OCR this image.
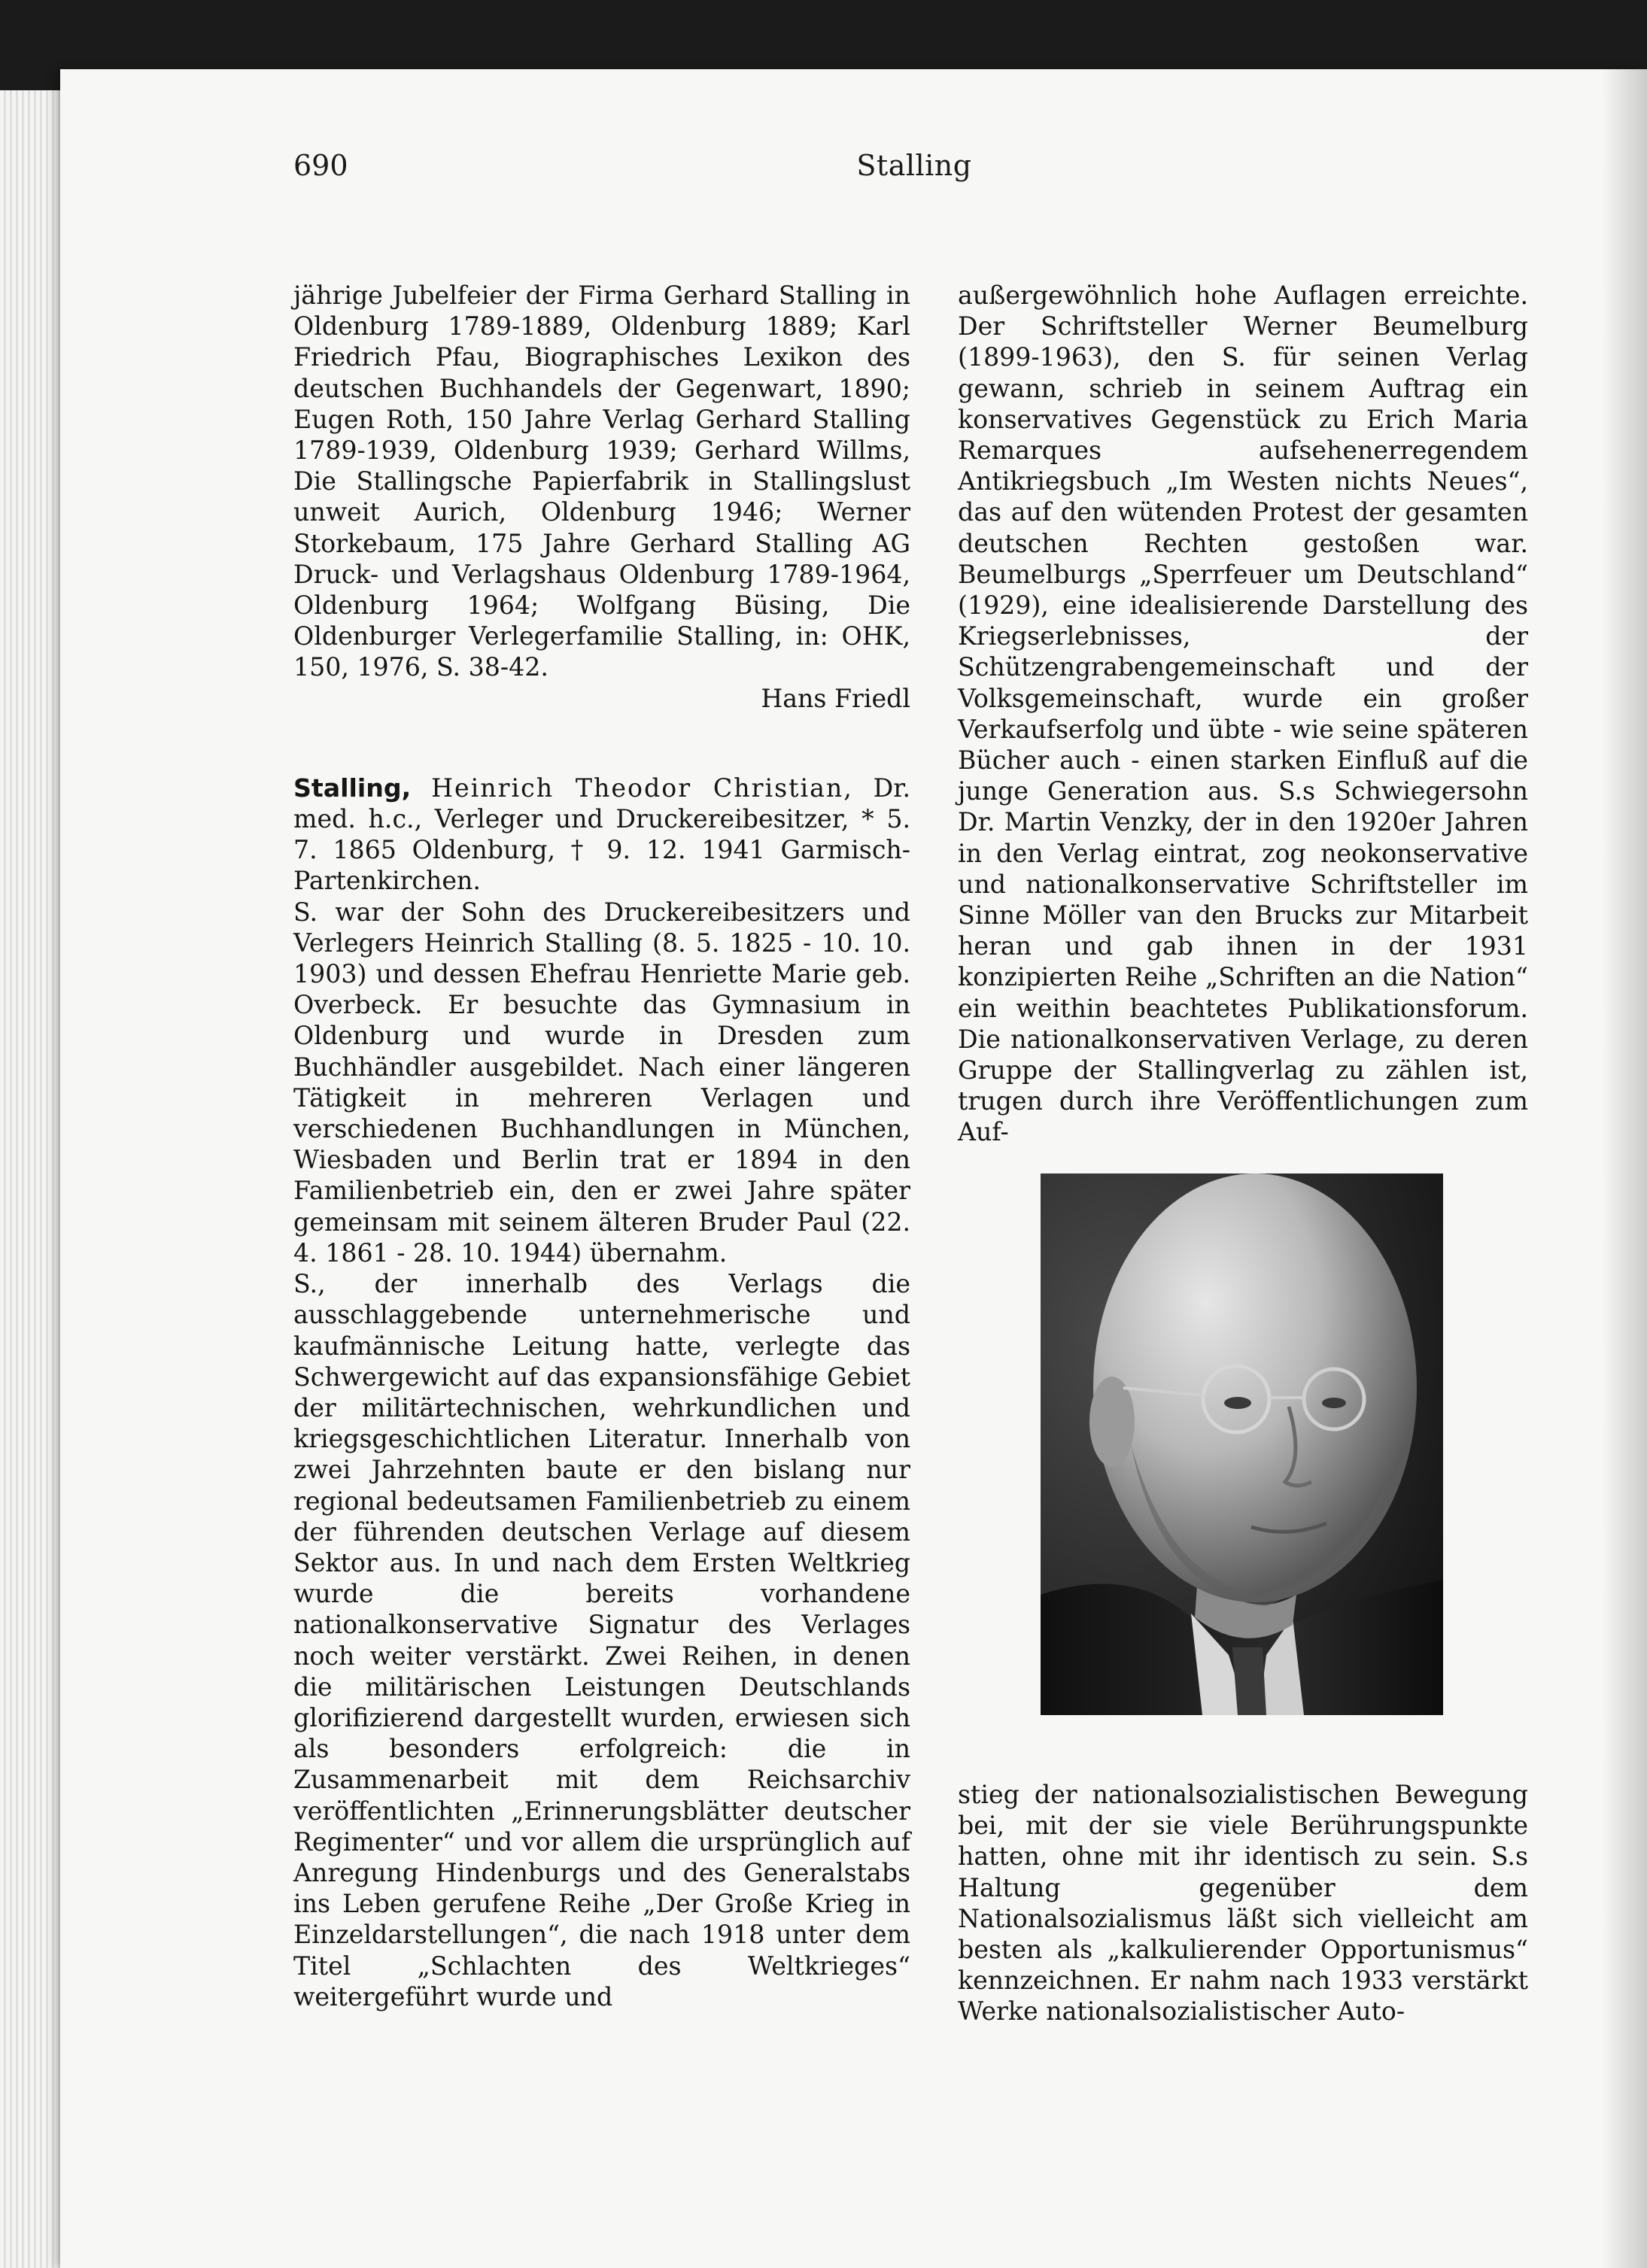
690	Stalling

jährige Jubelfeier der Firma Gerhard Stalling in Oldenburg 1789-1889, Oldenburg 1889; Karl Friedrich Pfau, Biographisches Lexikon des deutschen Buchhandels der Gegenwart, 1890; Eugen Roth, 150 Jahre Verlag Gerhard Stalling 1789-1939, Oldenburg 1939; Gerhard Willms, Die Stallingsche Papierfabrik in Stallingslust unweit Aurich, Oldenburg 1946; Werner Storkebaum, 175 Jahre Gerhard Stalling AG Druck- und Verlagshaus Oldenburg 1789-1964, Oldenburg 1964; Wolfgang Büsing, Die Oldenburger Verlegerfamilie Stalling, in: OHK, 150, 1976, S. 38-42.

Hans Friedl

Stalling, Heinrich Theodor Christian, Dr. med. h.c., Verleger und Druckereibesitzer, * 5. 7. 1865 Oldenburg, † 9. 12. 1941 Garmisch-Partenkirchen.

S. war der Sohn des Druckereibesitzers und Verlegers Heinrich Stalling (8. 5. 1825 - 10. 10. 1903) und dessen Ehefrau Henriette Marie geb. Overbeck. Er besuchte das Gymnasium in Oldenburg und wurde in Dresden zum Buchhändler ausgebildet. Nach einer längeren Tätigkeit in mehreren Verlagen und verschiedenen Buchhandlungen in München, Wiesbaden und Berlin trat er 1894 in den Familienbetrieb ein, den er zwei Jahre später gemeinsam mit seinem älteren Bruder Paul (22. 4. 1861 - 28. 10. 1944) übernahm.

S., der innerhalb des Verlags die ausschlaggebende unternehmerische und kaufmännische Leitung hatte, verlegte das Schwergewicht auf das expansionsfähige Gebiet der militärtechnischen, wehrkundlichen und kriegsgeschichtlichen Literatur. Innerhalb von zwei Jahrzehnten baute er den bislang nur regional bedeutsamen Familienbetrieb zu einem der führenden deutschen Verlage auf diesem Sektor aus. In und nach dem Ersten Weltkrieg wurde die bereits vorhandene nationalkonservative Signatur des Verlages noch weiter verstärkt. Zwei Reihen, in denen die militärischen Leistungen Deutschlands glorifizierend dargestellt wurden, erwiesen sich als besonders erfolgreich: die in Zusammenarbeit mit dem Reichsarchiv veröffentlichten „Erinnerungsblätter deutscher Regimenter“ und vor allem die ursprünglich auf Anregung Hindenburgs und des Generalstabs ins Leben gerufene Reihe „Der Große Krieg in Einzeldarstellungen“, die nach 1918 unter dem Titel „Schlachten des Weltkrieges“ weitergeführt wurde und

außergewöhnlich hohe Auflagen erreichte. Der Schriftsteller Werner Beumelburg (1899-1963), den S. für seinen Verlag gewann, schrieb in seinem Auftrag ein konservatives Gegenstück zu Erich Maria Remarques aufsehenerregendem Antikriegsbuch „Im Westen nichts Neues“, das auf den wütenden Protest der gesamten deutschen Rechten gestoßen war. Beumelburgs „Sperrfeuer um Deutschland“ (1929), eine idealisierende Darstellung des Kriegserlebnisses, der Schützengrabengemeinschaft und der Volksgemeinschaft, wurde ein großer Verkaufserfolg und übte - wie seine späteren Bücher auch - einen starken Einfluß auf die junge Generation aus. S.s Schwiegersohn Dr. Martin Venzky, der in den 1920er Jahren in den Verlag eintrat, zog neokonservative und nationalkonservative Schriftsteller im Sinne Möller van den Brucks zur Mitarbeit heran und gab ihnen in der 1931 konzipierten Reihe „Schriften an die Nation“ ein weithin beachtetes Publikationsforum. Die nationalkonservativen Verlage, zu deren Gruppe der Stallingverlag zu zählen ist, trugen durch ihre Veröffentlichungen zum Auf-

stieg der nationalsozialistischen Bewegung bei, mit der sie viele Berührungspunkte hatten, ohne mit ihr identisch zu sein. S.s Haltung gegenüber dem Nationalsozialismus läßt sich vielleicht am besten als „kalkulierender Opportunismus“ kennzeichnen. Er nahm nach 1933 verstärkt Werke nationalsozialistischer Auto-
